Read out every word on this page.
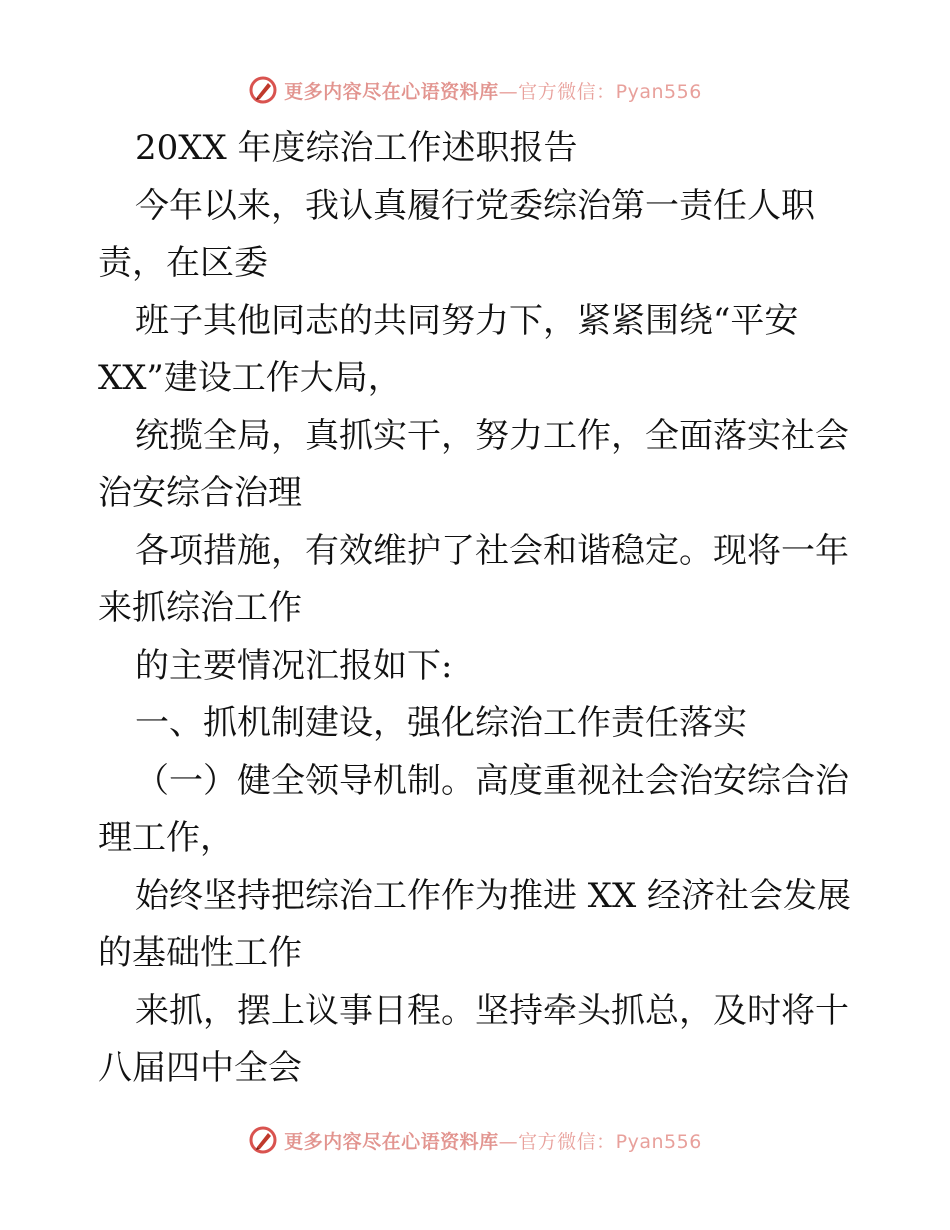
更多内容尽在心语资料库—官方微信：Pyan556
20XX 年度综治工作述职报告
今年以来，我认真履行党委综治第一责任人职
责，在区委
班子其他同志的共同努力下，紧紧围绕“平安
XX”建设工作大局，
统揽全局，真抓实干，努力工作，全面落实社会
治安综合治理
各项措施，有效维护了社会和谐稳定。现将一年
来抓综治工作
的主要情况汇报如下:
一、抓机制建设，强化综治工作责任落实
（一）健全领导机制。高度重视社会治安综合治
理工作，
始终坚持把综治工作作为推进 XX 经济社会发展
的基础性工作
来抓，摆上议事日程。坚持牵头抓总，及时将十
八届四中全会
更多内容尽在心语资料库—官方微信：Pyan556
